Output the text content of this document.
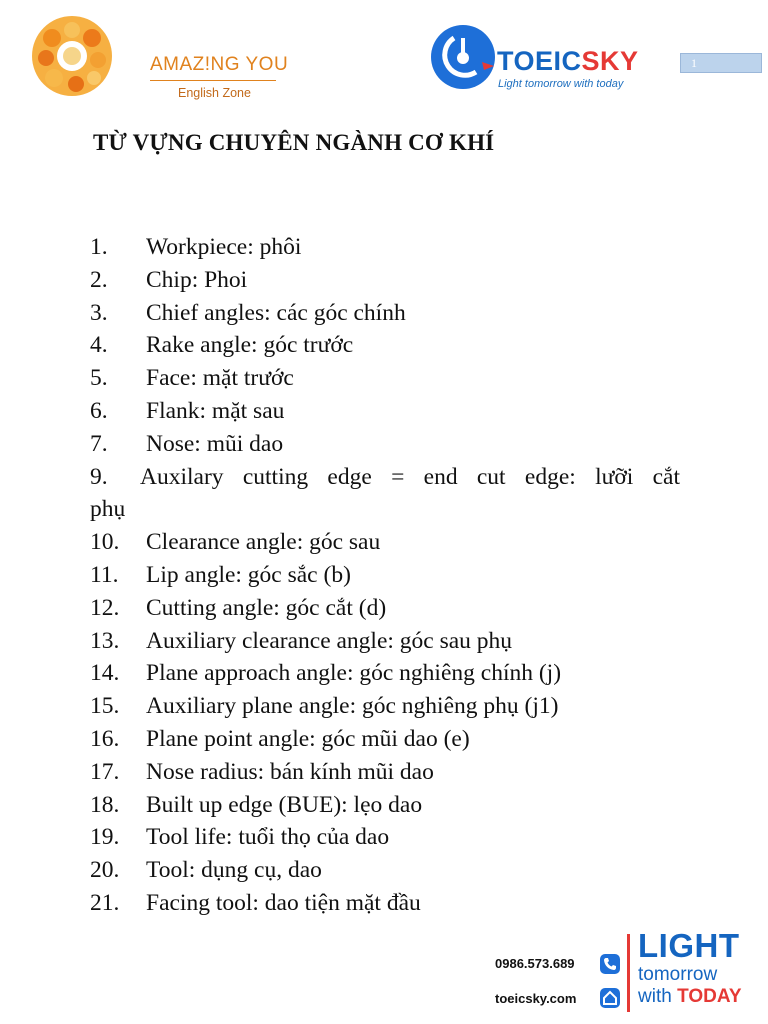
AMAZ!NG YOU
English Zone
TOEICSKY
Light tomorrow with today
1
TỪ VỰNG CHUYÊN NGÀNH CƠ KHÍ
1. Workpiece: phôi
2. Chip: Phoi
3. Chief angles: các góc chính
4. Rake angle: góc trước
5. Face: mặt trước
6. Flank: mặt sau
7. Nose: mũi dao
9.	Auxilary cutting edge = end cut edge: lưỡi cắt
phụ
10. Clearance angle: góc sau
11. Lip angle: góc sắc (b)
12. Cutting angle: góc cắt (d)
13. Auxiliary clearance angle: góc sau phụ
14. Plane approach angle: góc nghiêng chính (j)
15. Auxiliary plane angle: góc nghiêng phụ (j1)
16. Plane point angle: góc mũi dao (e)
17. Nose radius: bán kính mũi dao
18. Built up edge (BUE): lẹo dao
19. Tool life: tuổi thọ của dao
20. Tool: dụng cụ, dao
21. Facing tool: dao tiện mặt đầu
0986.573.689
toeicsky.com
LIGHT
tomorrow
with TODAY
